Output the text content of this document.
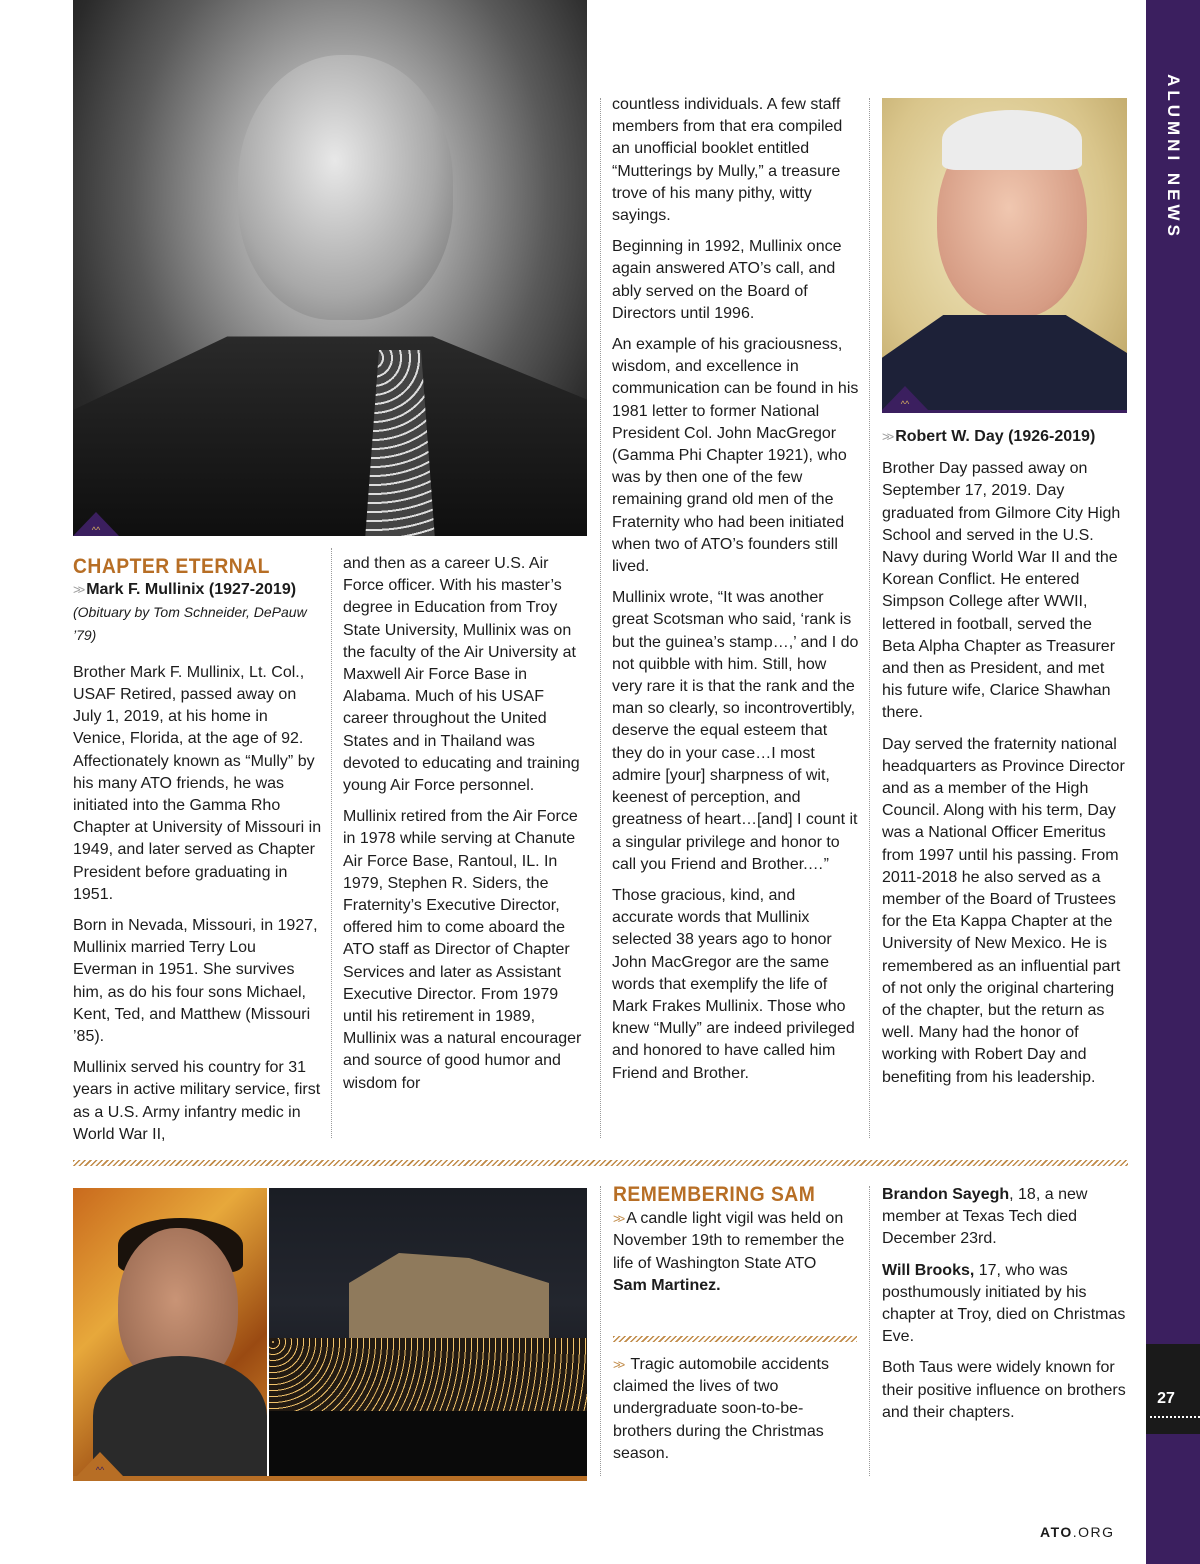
ALUMNI NEWS
27
^^
^^
CHAPTER ETERNAL
>> Mark F. Mullinix (1927-2019)

(Obituary by Tom Schneider, DePauw ’79)

Brother Mark F. Mullinix, Lt. Col., USAF Retired, passed away on July 1, 2019, at his home in Venice, Florida, at the age of 92. Affectionately known as “Mully” by his many ATO friends, he was initiated into the Gamma Rho Chapter at University of Missouri in 1949, and later served as Chapter President before graduating in 1951.

Born in Nevada, Missouri, in 1927, Mullinix married Terry Lou Everman in 1951. She survives him, as do his four sons Michael, Kent, Ted, and Matthew (Missouri ’85).

Mullinix served his country for 31 years in active military service, first as a U.S. Army infantry medic in World War II,

and then as a career U.S. Air Force officer. With his master’s degree in Education from Troy State University, Mullinix was on the faculty of the Air University at Maxwell Air Force Base in Alabama. Much of his USAF career throughout the United States and in Thailand was devoted to educating and training young Air Force personnel.

Mullinix retired from the Air Force in 1978 while serving at Chanute Air Force Base, Rantoul, IL. In 1979, Stephen R. Siders, the Fraternity’s Executive Director, offered him to come aboard the ATO staff as Director of Chapter Services and later as Assistant Executive Director. From 1979 until his retirement in 1989, Mullinix was a natural encourager and source of good humor and wisdom for

countless individuals. A few staff members from that era compiled an unofficial booklet entitled “Mutterings by Mully,” a treasure trove of his many pithy, witty sayings.

Beginning in 1992, Mullinix once again answered ATO’s call, and ably served on the Board of Directors until 1996.

An example of his graciousness, wisdom, and excellence in communication can be found in his 1981 letter to former National President Col. John MacGregor (Gamma Phi Chapter 1921), who was by then one of the few remaining grand old men of the Fraternity who had been initiated when two of ATO’s founders still lived.

Mullinix wrote, “It was another great Scotsman who said, ‘rank is but the guinea’s stamp…,’ and I do not quibble with him. Still, how very rare it is that the rank and the man so clearly, so incontrovertibly, deserve the equal esteem that they do in your case…I most admire [your] sharpness of wit, keenest of perception, and greatness of heart…[and] I count it a singular privilege and honor to call you Friend and Brother.…”

Those gracious, kind, and accurate words that Mullinix selected 38 years ago to honor John MacGregor are the same words that exemplify the life of Mark Frakes Mullinix. Those who knew “Mully” are indeed privileged and honored to have called him Friend and Brother.

>> Robert W. Day (1926-2019)

Brother Day passed away on September 17, 2019. Day graduated from Gilmore City High School and served in the U.S. Navy during World War II and the Korean Conflict. He entered Simpson College after WWII, lettered in football, served the Beta Alpha Chapter as Treasurer and then as President, and met his future wife, Clarice Shawhan there.

Day served the fraternity national headquarters as Province Director and as a member of the High Council. Along with his term, Day was a National Officer Emeritus from 1997 until his passing. From 2011-2018 he also served as a member of the Board of Trustees for the Eta Kappa Chapter at the University of New Mexico. He is remembered as an influential part of not only the original chartering of the chapter, but the return as well. Many had the honor of working with Robert Day and benefiting from his leadership.

^^
REMEMBERING SAM

>> A candle light vigil was held on November 19th to remember the life of Washington State ATO Sam Martinez.

>> Tragic automobile accidents claimed the lives of two undergraduate soon-to-be-brothers during the Christmas season.

Brandon Sayegh, 18, a new member at Texas Tech died December 23rd.

Will Brooks, 17, who was posthumously initiated by his chapter at Troy, died on Christmas Eve.

Both Taus were widely known for their positive influence on brothers and their chapters.

ATO.ORG
